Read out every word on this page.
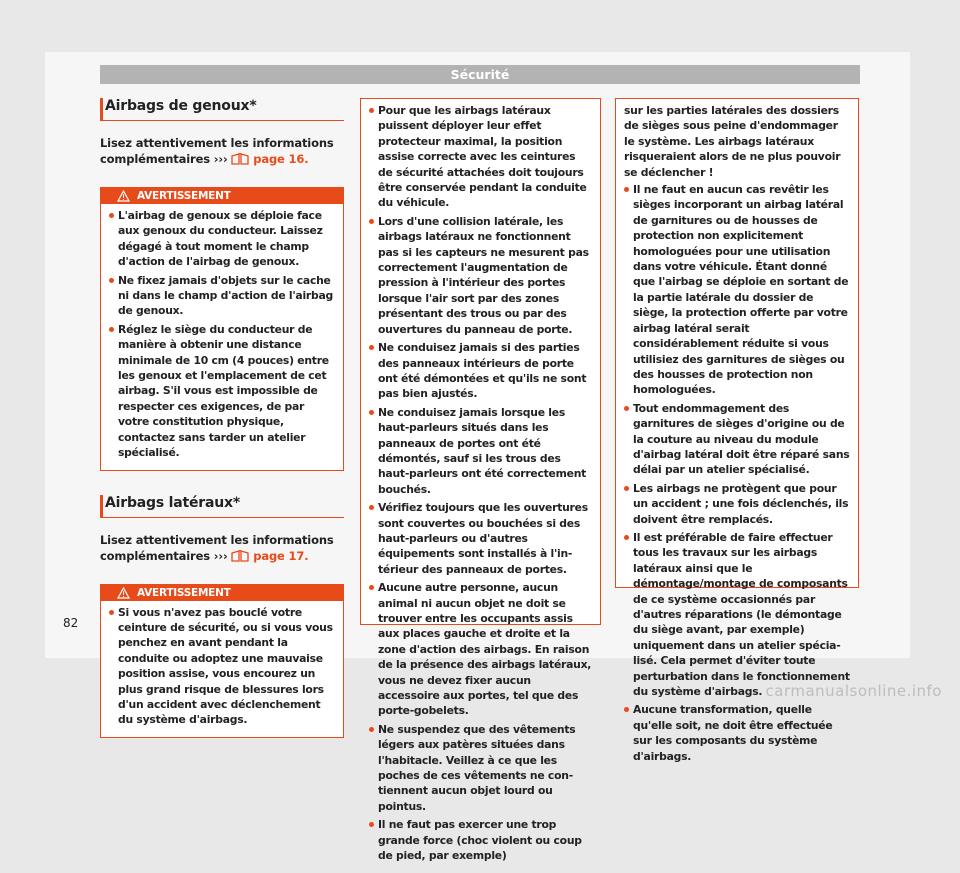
Sécurité
Airbags de genoux*

Lisez attentivement les informations complémentaires ››› page 16.

AVERTISSEMENT
L'airbag de genoux se déploie face aux genoux du conducteur. Laissez dégagé à tout moment le champ d'action de l'airbag de genoux.
Ne fixez jamais d'objets sur le cache ni dans le champ d'action de l'airbag de genoux.
Réglez le siège du conducteur de manière à obtenir une distance minimale de 10 cm (4 pouces) entre les genoux et l'emplacement de cet airbag. S'il vous est impossible de respecter ces exigences, de par votre constitution physique, contactez sans tarder un atelier spécialisé.
Airbags latéraux*

Lisez attentivement les informations complémentaires ››› page 17.

AVERTISSEMENT
Si vous n'avez pas bouclé votre ceinture de sécurité, ou si vous vous penchez en avant pendant la conduite ou adoptez une mauvaise position assise, vous encourez un plus grand risque de blessures lors d'un accident avec déclenchement du système d'airbags.
Pour que les airbags latéraux puissent déployer leur effet protecteur maximal, la position assise correcte avec les ceintures de sécurité attachées doit toujours être conservée pendant la conduite du véhicule.
Lors d'une collision latérale, les airbags latéraux ne fonctionnent pas si les capteurs ne mesurent pas correctement l'augmentation de pression à l'intérieur des portes lorsque l'air sort par des zones présentant des trous ou par des ouvertures du panneau de porte.
Ne conduisez jamais si des parties des panneaux intérieurs de porte ont été démontées et qu'ils ne sont pas bien ajustés.
Ne conduisez jamais lorsque les haut-parleurs situés dans les panneaux de portes ont été démontés, sauf si les trous des haut-parleurs ont été correctement bouchés.
Vérifiez toujours que les ouvertures sont couvertes ou bouchées si des haut-parleurs ou d'autres équipements sont installés à l'intérieur des panneaux de portes.
Aucune autre personne, aucun animal ni aucun objet ne doit se trouver entre les occupants assis aux places gauche et droite et la zone d'action des airbags. En raison de la présence des airbags latéraux, vous ne devez fixer aucun accessoire aux portes, tel que des porte-gobelets.
Ne suspendez que des vêtements légers aux patères situées dans l'habitacle. Veillez à ce que les poches de ces vêtements ne contiennent aucun objet lourd ou pointus.
Il ne faut pas exercer une trop grande force (choc violent ou coup de pied, par exemple)

sur les parties latérales des dossiers de sièges sous peine d'endommager le système. Les airbags latéraux risqueraient alors de ne plus pouvoir se déclencher !

Il ne faut en aucun cas revêtir les sièges incorporant un airbag latéral de garnitures ou de housses de protection non explicitement homologuées pour une utilisation dans votre véhicule. Étant donné que l'airbag se déploie en sortant de la partie latérale du dossier de siège, la protection offerte par votre airbag latéral serait considérablement réduite si vous utilisiez des garnitures de sièges ou des housses de protection non homologuées.
Tout endommagement des garnitures de sièges d'origine ou de la couture au niveau du module d'airbag latéral doit être réparé sans délai par un atelier spécialisé.
Les airbags ne protègent que pour un accident ; une fois déclenchés, ils doivent être remplacés.
Il est préférable de faire effectuer tous les travaux sur les airbags latéraux ainsi que le démontage/montage de composants de ce système occasionnés par d'autres réparations (le démontage du siège avant, par exemple) uniquement dans un atelier spécialisé. Cela permet d'éviter toute perturbation dans le fonctionnement du système d'airbags.
Aucune transformation, quelle qu'elle soit, ne doit être effectuée sur les composants du système d'airbags.
82
carmanualsonline.info
